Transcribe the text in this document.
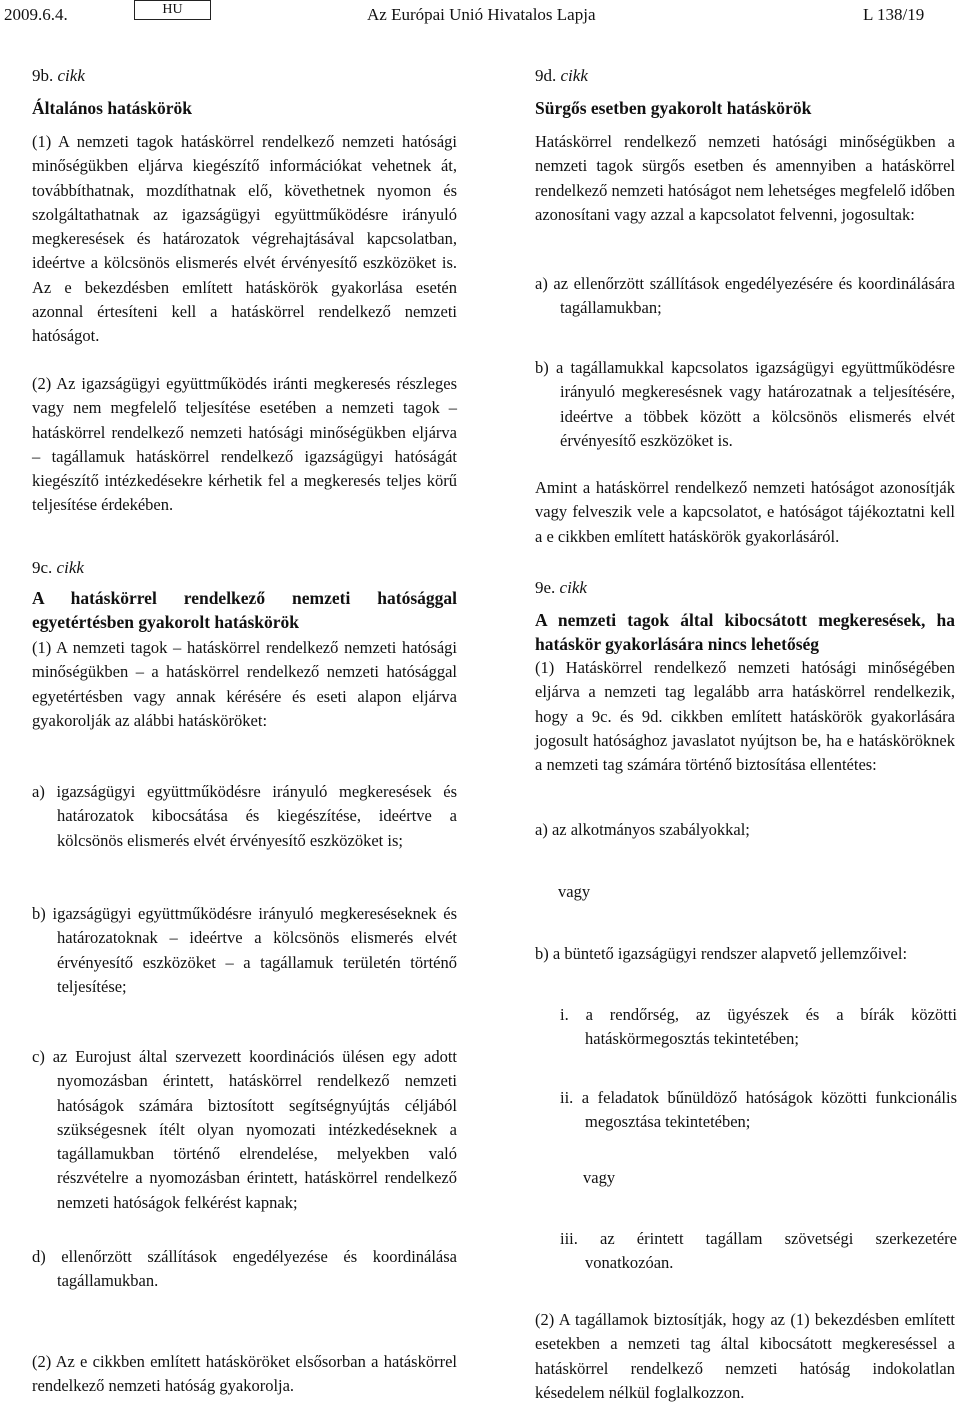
2009.6.4.	HU	Az Európai Unió Hivatalos Lapja	L 138/19
9b. cikk
Általános hatáskörök
(1) A nemzeti tagok hatáskörrel rendelkező nemzeti hatósági minőségükben eljárva kiegészítő információkat vehetnek át, továbbíthatnak, mozdíthatnak elő, követhetnek nyomon és szolgáltathatnak az igazságügyi együttműködésre irányuló megkeresések és határozatok végrehajtásával kapcsolatban, ideértve a kölcsönös elismerés elvét érvényesítő eszközöket is. Az e bekezdésben említett hatáskörök gyakorlása esetén azonnal értesíteni kell a hatáskörrel rendelkező nemzeti hatóságot.
(2) Az igazságügyi együttműködés iránti megkeresés részleges vagy nem megfelelő teljesítése esetében a nemzeti tagok – hatáskörrel rendelkező nemzeti hatósági minőségükben eljárva – tagállamuk hatáskörrel rendelkező igazságügyi hatóságát kiegészítő intézkedésekre kérhetik fel a megkeresés teljes körű teljesítése érdekében.
9c. cikk
A hatáskörrel rendelkező nemzeti hatósággal egyetértésben gyakorolt hatáskörök
(1) A nemzeti tagok – hatáskörrel rendelkező nemzeti hatósági minőségükben – a hatáskörrel rendelkező nemzeti hatósággal egyetértésben vagy annak kérésére és eseti alapon eljárva gyakorolják az alábbi hatásköröket:
a) igazságügyi együttműködésre irányuló megkeresések és határozatok kibocsátása és kiegészítése, ideértve a kölcsönös elismerés elvét érvényesítő eszközöket is;
b) igazságügyi együttműködésre irányuló megkereséseknek és határozatoknak – ideértve a kölcsönös elismerés elvét érvényesítő eszközöket – a tagállamuk területén történő teljesítése;
c) az Eurojust által szervezett koordinációs ülésen egy adott nyomozásban érintett, hatáskörrel rendelkező nemzeti hatóságok számára biztosított segítségnyújtás céljából szükségesnek ítélt olyan nyomozati intézkedéseknek a tagállamukban történő elrendelése, melyekben való részvételre a nyomozásban érintett, hatáskörrel rendelkező nemzeti hatóságok felkérést kapnak;
d) ellenőrzött szállítások engedélyezése és koordinálása tagállamukban.
(2) Az e cikkben említett hatásköröket elsősorban a hatáskörrel rendelkező nemzeti hatóság gyakorolja.
9d. cikk
Sürgős esetben gyakorolt hatáskörök
Hatáskörrel rendelkező nemzeti hatósági minőségükben a nemzeti tagok sürgős esetben és amennyiben a hatáskörrel rendelkező nemzeti hatóságot nem lehetséges megfelelő időben azonosítani vagy azzal a kapcsolatot felvenni, jogosultak:
a) az ellenőrzött szállítások engedélyezésére és koordinálására tagállamukban;
b) a tagállamukkal kapcsolatos igazságügyi együttműködésre irányuló megkeresésnek vagy határozatnak a teljesítésére, ideértve a többek között a kölcsönös elismerés elvét érvényesítő eszközöket is.
Amint a hatáskörrel rendelkező nemzeti hatóságot azonosítják vagy felveszik vele a kapcsolatot, e hatóságot tájékoztatni kell a e cikkben említett hatáskörök gyakorlásáról.
9e. cikk
A nemzeti tagok által kibocsátott megkeresések, ha hatáskör gyakorlására nincs lehetőség
(1) Hatáskörrel rendelkező nemzeti hatósági minőségében eljárva a nemzeti tag legalább arra hatáskörrel rendelkezik, hogy a 9c. és 9d. cikkben említett hatáskörök gyakorlására jogosult hatósághoz javaslatot nyújtson be, ha e hatásköröknek a nemzeti tag számára történő biztosítása ellentétes:
a) az alkotmányos szabályokkal;
vagy
b) a büntető igazságügyi rendszer alapvető jellemzőivel:
i. a rendőrség, az ügyészek és a bírák közötti hatáskörmegosztás tekintetében;
ii. a feladatok bűnüldöző hatóságok közötti funkcionális megosztása tekintetében;
vagy
iii. az érintett tagállam szövetségi szerkezetére vonatkozóan.
(2) A tagállamok biztosítják, hogy az (1) bekezdésben említett esetekben a nemzeti tag által kibocsátott megkereséssel a hatáskörrel rendelkező nemzeti hatóság indokolatlan késedelem nélkül foglalkozzon.
